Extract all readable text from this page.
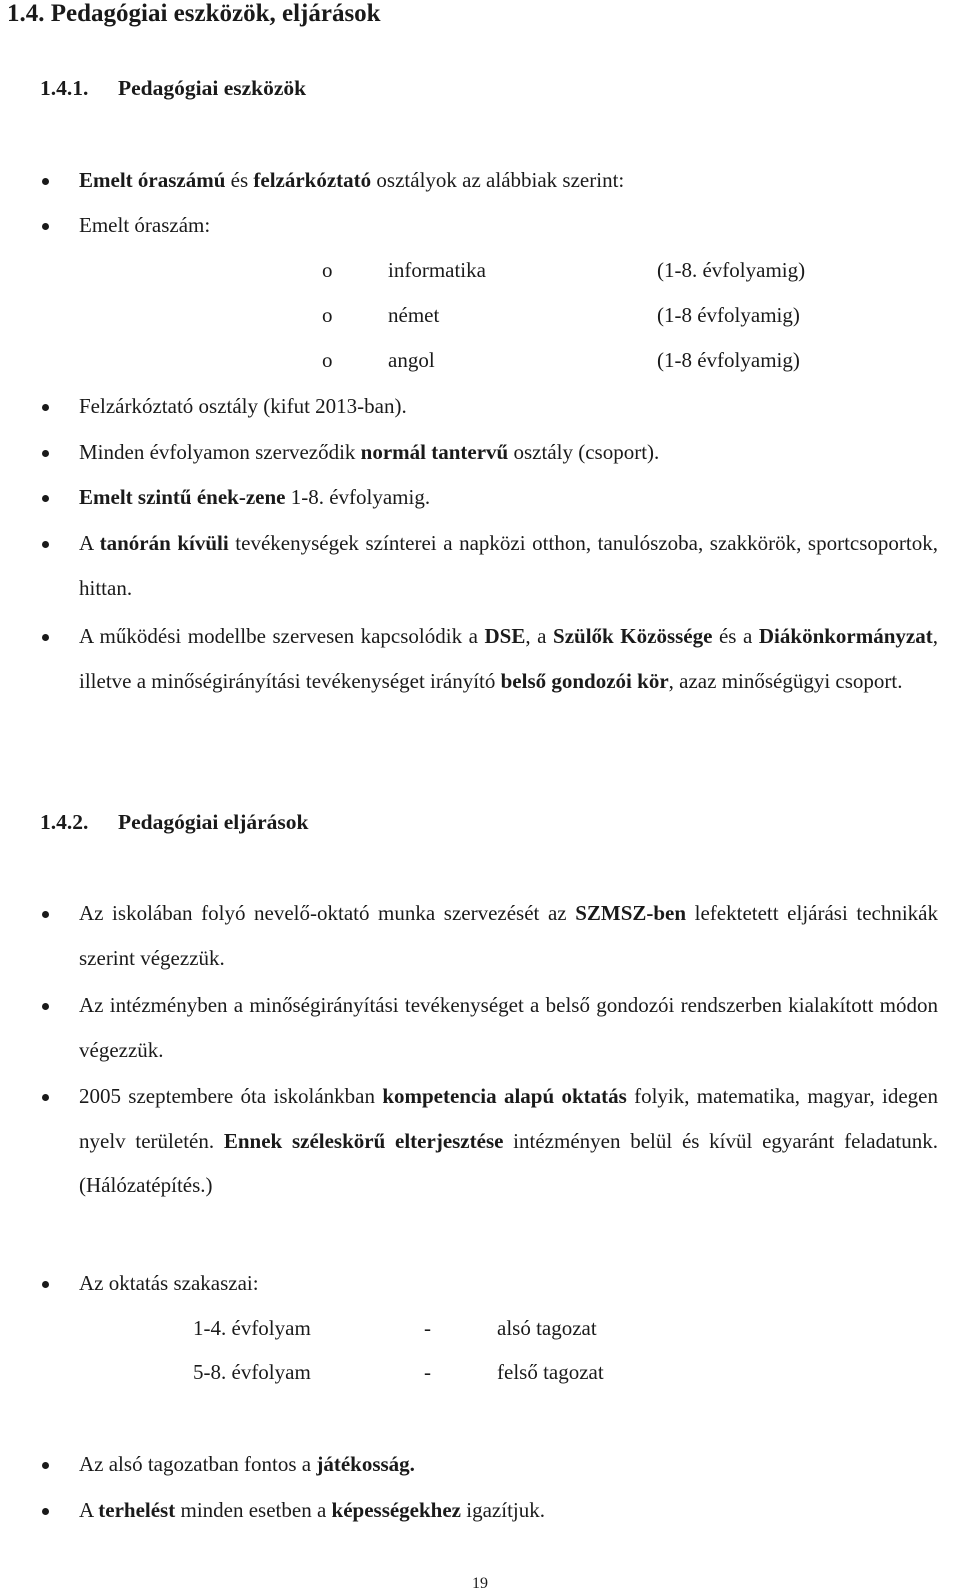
1.4. Pedagógiai eszközök, eljárások
1.4.1. Pedagógiai eszközök
Emelt óraszámú és felzárkóztató osztályok az alábbiak szerint:
Emelt óraszám:
o	informatika	(1-8. évfolyamig)
o	német	(1-8 évfolyamig)
o	angol	(1-8 évfolyamig)
Felzárkóztató osztály (kifut 2013-ban).
Minden évfolyamon szerveződik normál tantervű osztály (csoport).
Emelt szintű ének-zene 1-8. évfolyamig.
A tanórán kívüli tevékenységek színterei a napközi otthon, tanulószoba, szakkörök, sportcsoportok, hittan.
A működési modellbe szervesen kapcsolódik a DSE, a Szülők Közössége és a Diákönkormányzat, illetve a minőségirányítási tevékenységet irányító belső gondozói kör, azaz minőségügyi csoport.
1.4.2. Pedagógiai eljárások
Az iskolában folyó nevelő-oktató munka szervezését az SZMSZ-ben lefektetett eljárási technikák szerint végezzük.
Az intézményben a minőségirányítási tevékenységet a belső gondozói rendszerben kialakított módon végezzük.
2005 szeptembere óta iskolánkban kompetencia alapú oktatás folyik, matematika, magyar, idegen nyelv területén. Ennek széleskörű elterjesztése intézményen belül és kívül egyaránt feladatunk. (Hálózatépítés.)
Az oktatás szakaszai:
1-4. évfolyam	-	alsó tagozat
5-8. évfolyam	-	felső tagozat
Az alsó tagozatban fontos a játékosság.
A terhelést minden esetben a képességekhez igazítjuk.
19
